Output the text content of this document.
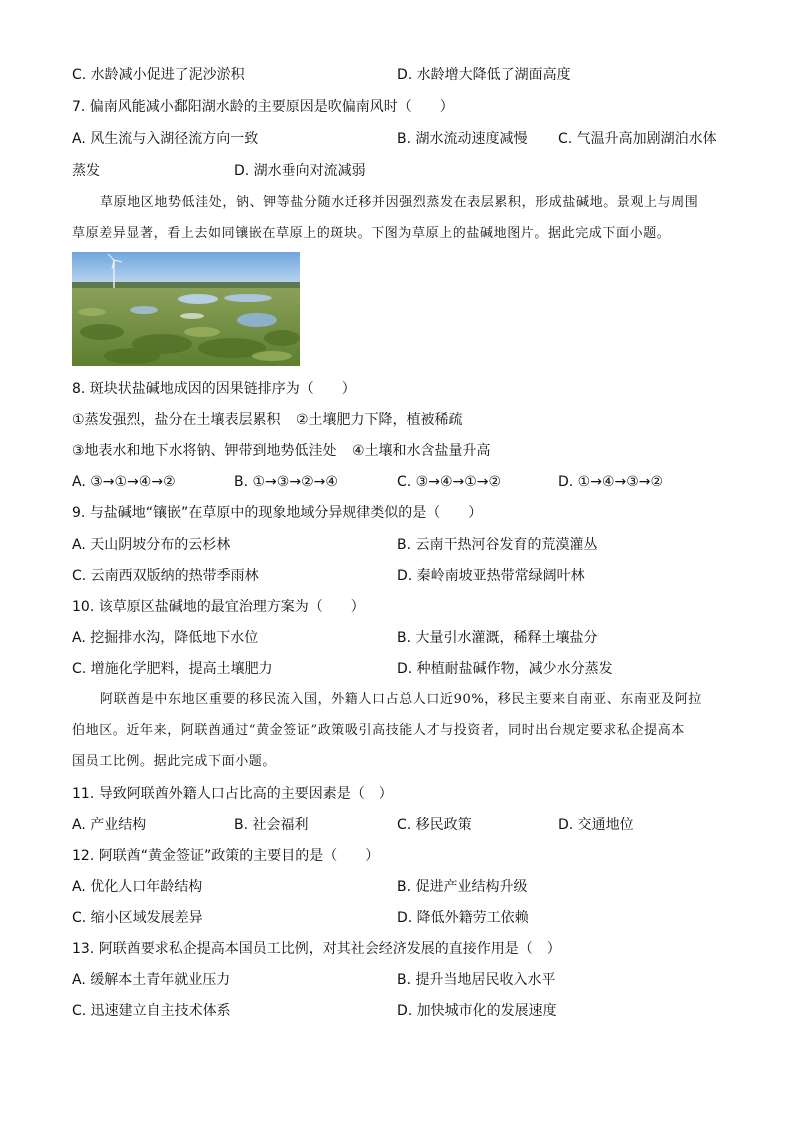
C. 水龄减小促进了泥沙淤积	D. 水龄增大降低了湖面高度
7. 偏南风能减小鄱阳湖水龄的主要原因是吹偏南风时（　　）
A. 风生流与入湖径流方向一致	B. 湖水流动速度减慢 C. 气温升高加剧湖泊水体
蒸发	D. 湖水垂向对流减弱
草原地区地势低洼处，钠、钾等盐分随水迁移并因强烈蒸发在表层累积，形成盐碱地。景观上与周围
草原差异显著，看上去如同镶嵌在草原上的斑块。下图为草原上的盐碱地图片。据此完成下面小题。
8. 斑块状盐碱地成因的因果链排序为（　　）
①蒸发强烈，盐分在土壤表层累积 ②土壤肥力下降，植被稀疏
③地表水和地下水将钠、钾带到地势低洼处 ④土壤和水含盐量升高
A. ③→①→④→②	B. ①→③→②→④	C. ③→④→①→②	D. ①→④→③→②
9. 与盐碱地“镶嵌”在草原中的现象地域分异规律类似的是（　　）
A. 天山阴坡分布的云杉林	B. 云南干热河谷发育的荒漠灌丛
C. 云南西双版纳的热带季雨林	D. 秦岭南坡亚热带常绿阔叶林
10. 该草原区盐碱地的最宜治理方案为（　　）
A. 挖掘排水沟，降低地下水位	B. 大量引水灌溉，稀释土壤盐分
C. 增施化学肥料，提高土壤肥力	D. 种植耐盐碱作物，减少水分蒸发
阿联酋是中东地区重要的移民流入国，外籍人口占总人口近90%，移民主要来自南亚、东南亚及阿拉
伯地区。近年来，阿联酋通过“黄金签证”政策吸引高技能人才与投资者，同时出台规定要求私企提高本
国员工比例。据此完成下面小题。
11. 导致阿联酋外籍人口占比高的主要因素是（　）
A. 产业结构	B. 社会福利	C. 移民政策	D. 交通地位
12. 阿联酋“黄金签证”政策的主要目的是（　　）
A. 优化人口年龄结构	B. 促进产业结构升级
C. 缩小区域发展差异	D. 降低外籍劳工依赖
13. 阿联酋要求私企提高本国员工比例，对其社会经济发展的直接作用是（　）
A. 缓解本土青年就业压力	B. 提升当地居民收入水平
C. 迅速建立自主技术体系	D. 加快城市化的发展速度
